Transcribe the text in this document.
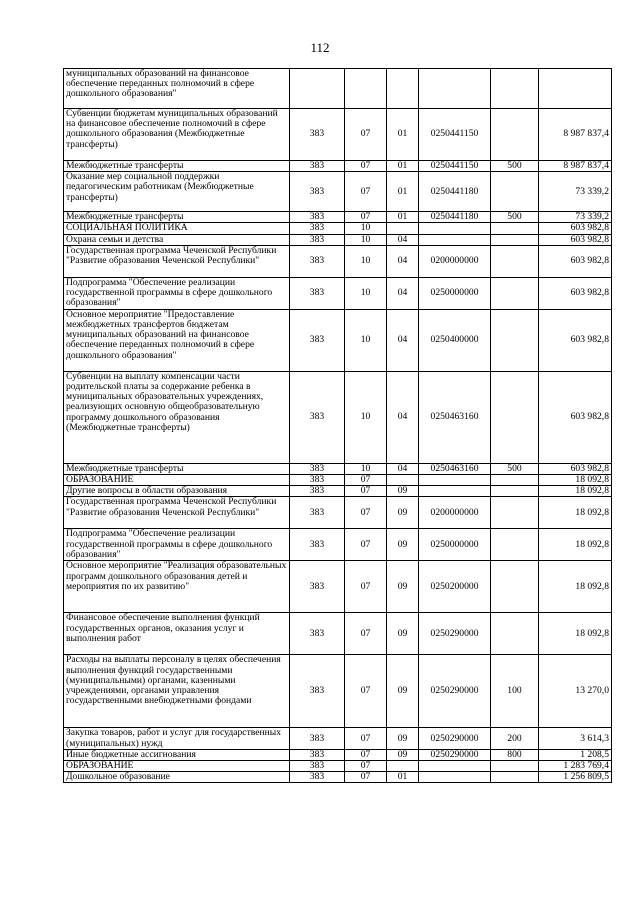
112
муниципальных образований на финансовое обеспечение переданных полномочий в сфере дошкольного образования"						
Субвенции бюджетам муниципальных образований на финансовое обеспечение полномочий в сфере дошкольного образования (Межбюджетные трансферты)	383	07	01	0250441150		8 987 837,4
Межбюджетные трансферты	383	07	01	0250441150	500	8 987 837,4
Оказание мер социальной поддержки педагогическим работникам (Межбюджетные трансферты)	383	07	01	0250441180		73 339,2
Межбюджетные трансферты	383	07	01	0250441180	500	73 339,2
СОЦИАЛЬНАЯ ПОЛИТИКА	383	10				603 982,8
Охрана семьи и детства	383	10	04			603 982,8
Государственная программа Чеченской Республики "Развитие образования Чеченской Республики"	383	10	04	0200000000		603 982,8
Подпрограмма "Обеспечение реализации государственной программы в сфере дошкольного образования"	383	10	04	0250000000		603 982,8
Основное мероприятие "Предоставление межбюджетных трансфертов бюджетам муниципальных образований на финансовое обеспечение переданных полномочий в сфере дошкольного образования"	383	10	04	0250400000		603 982,8
Субвенции на выплату компенсации части родительской платы за содержание ребенка в муниципальных образовательных учреждениях, реализующих основную общеобразовательную программу дошкольного образования (Межбюджетные трансферты)	383	10	04	0250463160		603 982,8
Межбюджетные трансферты	383	10	04	0250463160	500	603 982,8
ОБРАЗОВАНИЕ	383	07				18 092,8
Другие вопросы в области образования	383	07	09			18 092,8
Государственная программа Чеченской Республики "Развитие образования Чеченской Республики"	383	07	09	0200000000		18 092,8
Подпрограмма "Обеспечение реализации государственной программы в сфере дошкольного образования"	383	07	09	0250000000		18 092,8
Основное мероприятие "Реализация образовательных программ дошкольного образования детей и мероприятия по их развитию"	383	07	09	0250200000		18 092,8
Финансовое обеспечение выполнения функций государственных органов, оказания услуг и выполнения работ	383	07	09	0250290000		18 092,8
Расходы на выплаты персоналу в целях обеспечения выполнения функций государственными (муниципальными) органами, казенными учреждениями, органами управления государственными внебюджетными фондами	383	07	09	0250290000	100	13 270,0
Закупка товаров, работ и услуг для государственных (муниципальных) нужд	383	07	09	0250290000	200	3 614,3
Иные бюджетные ассигнования	383	07	09	0250290000	800	1 208,5
ОБРАЗОВАНИЕ	383	07				1 283 769,4
Дошкольное образование	383	07	01			1 256 809,5
